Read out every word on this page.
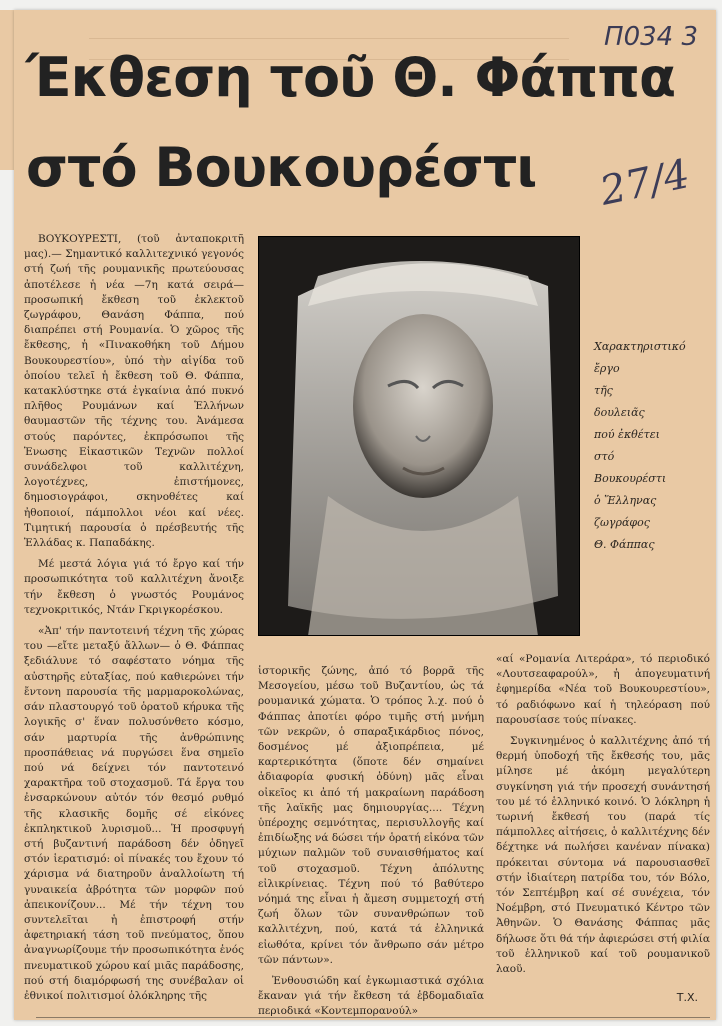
Π034 3
Έκθεση τοῦ Θ. Φάππα
στό Βουκουρέστι 27/4

ΒΟΥΚΟΥΡΕΣΤΙ, (τοῦ ἀνταποκριτῆ μας).— Σημαντικό καλλιτεχνικό γεγονός στή ζωή τῆς ρουμανικῆς πρωτεύουσας ἀποτέλεσε ἡ νέα —7η κατά σειρά— προσωπική ἔκθεση τοῦ ἐκλεκτοῦ ζωγράφου, Θανάση Φάππα, πού διαπρέπει στή Ρουμανία. Ὁ χῶρος τῆς ἔκθεσης, ἡ «Πινακοθήκη τοῦ Δήμου Βουκουρεστίου», ὑπό τὴν αἰγίδα τοῦ ὁποίου τελεῖ ἡ ἔκθεση τοῦ Θ. Φάππα, κατακλύστηκε στά ἐγκαίνια ἀπό πυκνό πλῆθος Ρουμάνων καί Ἑλλήνων θαυμαστῶν τῆς τέχνης του. Ἀνάμεσα στούς παρόντες, ἐκπρόσωποι τῆς Ἑνωσης Εἰκαστικῶν Τεχνῶν πολλοί συνάδελφοι τοῦ καλλιτέχνη, λογοτέχνες, ἐπιστήμονες, δημοσιογράφοι, σκηνοθέτες καί ἠθοποιοί, πάμπολλοι νέοι καί νέες. Τιμητική παρουσία ὁ πρέσβευτής τῆς Ἑλλάδας κ. Παπαδάκης.

Μέ μεστά λόγια γιά τό ἔργο καί τήν προσωπικότητα τοῦ καλλιτέχνη ἄνοιξε τήν ἔκθεση ὁ γνωστός Ρουμάνος τεχνοκριτικός, Ντάν Γκριγκορέσκου.

«Ἀπ' τήν παντοτεινή τέχνη τῆς χώρας του —εἴτε μεταξύ ἄλλων— ὁ Θ. Φάππας ξεδιάλυνε τό σαφέστατο νόημα τῆς αὐστηρῆς εὐταξίας, πού καθιερώνει τήν ἔντονη παρουσία τῆς μαρμαροκολώνας, σάν πλαστουργό τοῦ ὁρατοῦ κήρυκα τῆς λογικῆς σ' ἕναν πολυσύνθετο κόσμο, σάν μαρτυρία τῆς ἀνθρώπινης προσπάθειας νά πυργώσει ἕνα σημεῖο πού νά δείχνει τόν παντοτεινό χαρακτῆρα τοῦ στοχασμοῦ. Τά ἔργα του ἐνσαρκώνουν αὐτόν τόν θεσμό ρυθμό τῆς κλασικῆς δομῆς σέ εἰκόνες ἐκπληκτικοῦ λυρισμοῦ... Ἡ προσφυγή στή βυζαντινή παράδοση δέν ὁδηγεῖ στόν ἱερατισμό: οἱ πίνακές του ἔχουν τό χάρισμα νά διατηροῦν ἀναλλοίωτη τή γυναικεία ἀβρότητα τῶν μορφῶν πού ἀπεικονίζουν... Μέ τήν τέχνη του συντελεῖται ἡ ἐπιστροφή στήν ἀφετηριακή τάση τοῦ πνεύματος, ὅπου ἀναγνωρίζουμε τήν προσωπικότητα ἑνός πνευματικοῦ χώρου καί μιᾶς παράδοσης, πού στή διαμόρφωσή της συνέβαλαν οἱ ἐθνικοί πολιτισμοί ὁλόκληρης τῆς

Χαρακτηριστικό
ἔργο
τῆς
δουλειᾶς
πού ἐκθέτει
στό
Βουκουρέστι
ὁ Ἕλληνας
ζωγράφος
Θ. Φάππας

ἱστορικῆς ζώνης, ἀπό τό βορρᾶ τῆς Μεσογείου, μέσω τοῦ Βυζαντίου, ὡς τά ρουμανικά χώματα. Ὁ τρόπος λ.χ. πού ὁ Φάππας ἀποτίει φόρο τιμῆς στή μνήμη τῶν νεκρῶν, ὁ σπαραξικάρδιος πόνος, δοσμένος μέ ἀξιοπρέπεια, μέ καρτερικότητα (ὅποτε δέν σημαίνει ἀδιαφορία φυσική ὀδύνη) μᾶς εἶναι οἰκεῖος κι ἀπό τή μακραίωνη παράδοση τῆς λαϊκῆς μας δημιουργίας.... Τέχνη ὑπέροχης σεμνότητας, περισυλλογῆς καί ἐπιδίωξης νά δώσει τήν ὁρατή εἰκόνα τῶν μύχιων παλμῶν τοῦ συναισθήματος καί τοῦ στοχασμοῦ. Τέχνη ἀπόλυτης εἰλικρίνειας. Τέχνη πού τό βαθύτερο νόημά της εἶναι ἡ ἄμεση συμμετοχή στή ζωή ὅλων τῶν συνανθρώπων τοῦ καλλιτέχνη, πού, κατά τά ἑλληνικά εἰωθότα, κρίνει τόν ἄνθρωπο σάν μέτρο τῶν πάντων».

Ἐνθουσιώδη καί ἐγκωμιαστικά σχόλια ἔκαναν γιά τήν ἔκθεση τά ἑβδομαδιαῖα περιοδικά «Κοντεμπορανούλ»

«αί «Ρομανία Λιτεράρα», τό περιοδικό «Λουτσεαφαρούλ», ἡ ἀπογευματινή ἐφημερίδα «Νέα τοῦ Βουκουρεστίου», τό ραδιόφωνο καί ἡ τηλεόραση πού παρουσίασε τούς πίνακες.

Συγκινημένος ὁ καλλιτέχνης ἀπό τή θερμή ὑποδοχή τῆς ἔκθεσής του, μᾶς μίλησε μέ ἀκόμη μεγαλύτερη συγκίνηση γιά τήν προσεχή συνάντησή του μέ τό ἑλληνικό κοινό. Ὁ λόκληρη ἡ τωρινή ἔκθεσή του (παρά τίς πάμπολλες αἰτήσεις, ὁ καλλιτέχνης δέν δέχτηκε νά πωλήσει κανέναν πίνακα) πρόκειται σύντομα νά παρουσιασθεῖ στήν ἰδιαίτερη πατρίδα του, τόν Βόλο, τόν Σεπτέμβρη καί σέ συνέχεια, τόν Νοέμβρη, στό Πνευματικό Κέντρο τῶν Ἀθηνῶν. Ὁ Θανάσης Φάππας μᾶς δήλωσε ὅτι θά τήν ἀφιερώσει στή φιλία τοῦ ἑλληνικοῦ καί τοῦ ρουμανικοῦ λαοῦ.

Τ.Χ.
